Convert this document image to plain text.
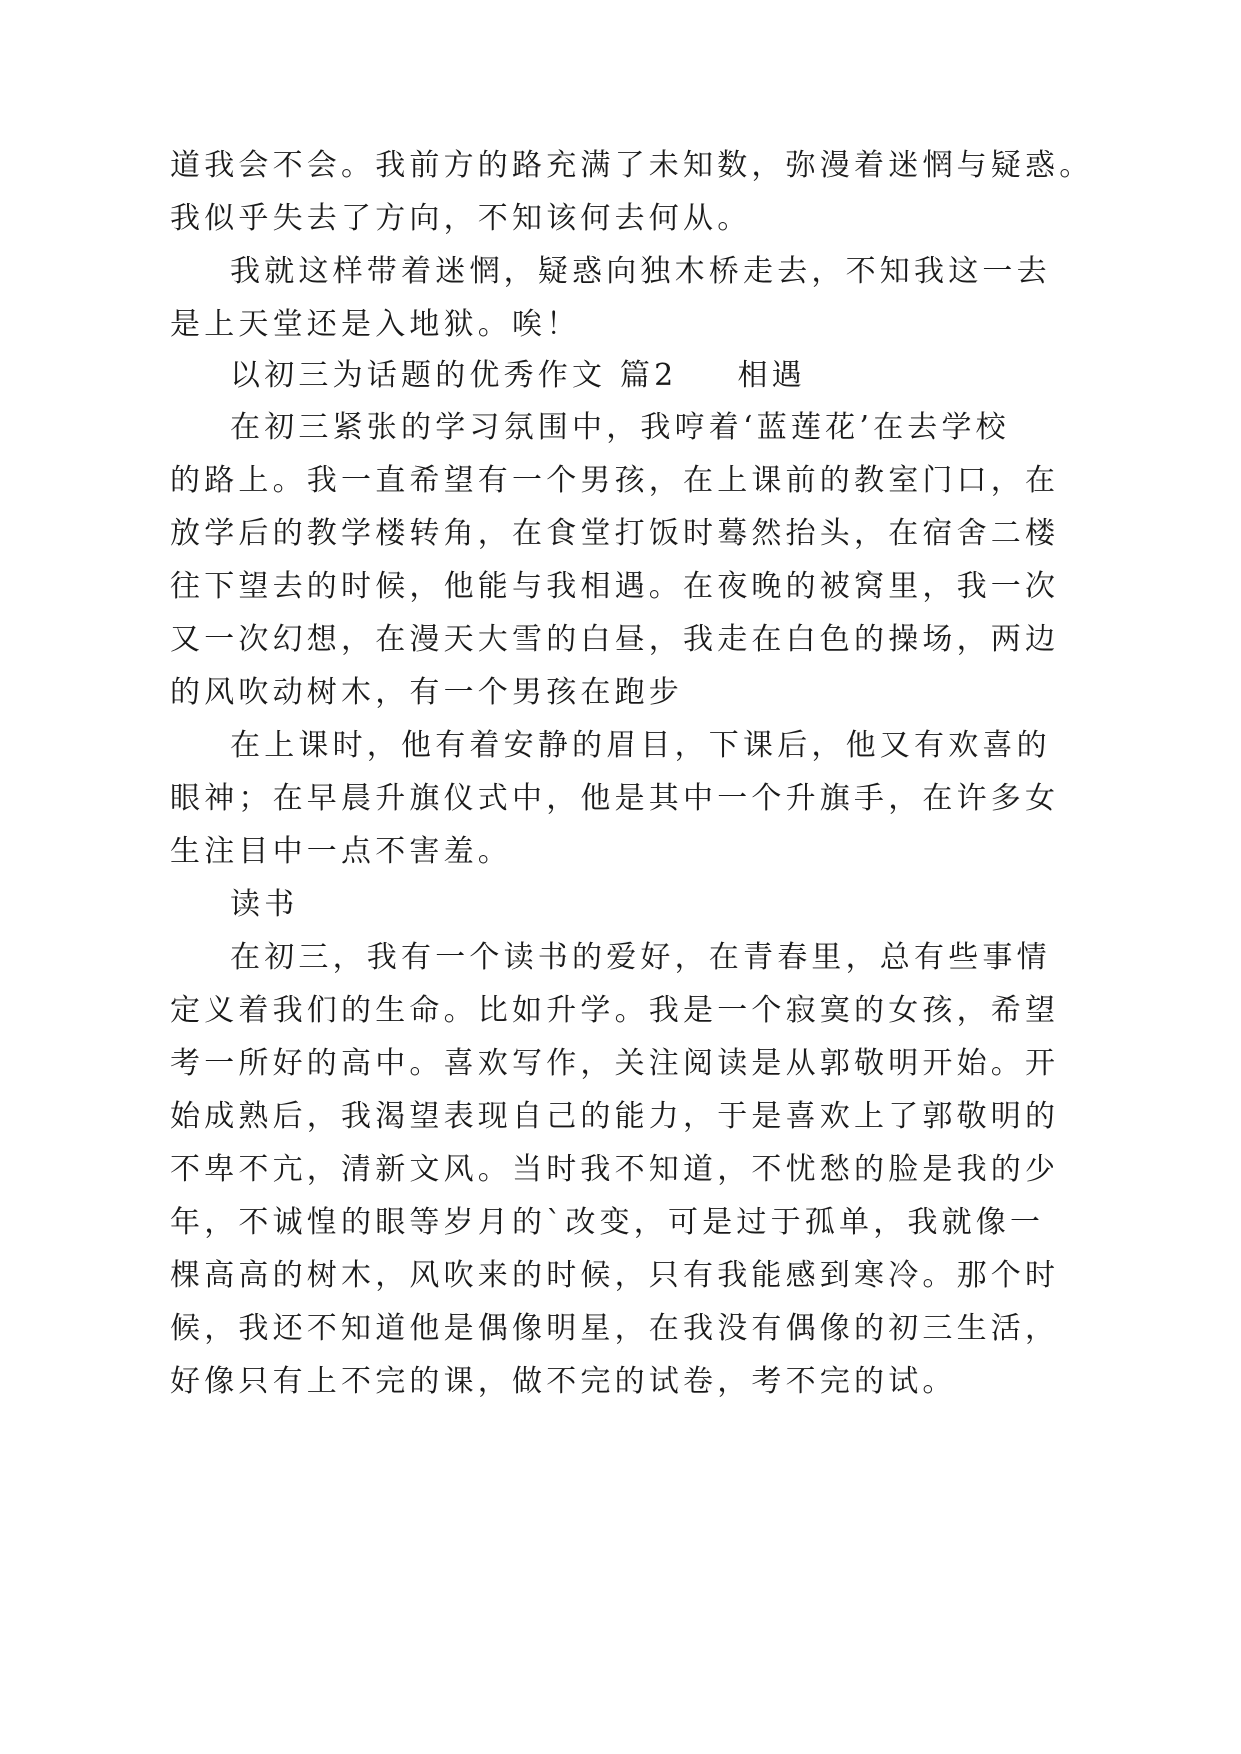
道我会不会。我前方的路充满了未知数，弥漫着迷惘与疑惑。
我似乎失去了方向，不知该何去何从。
我就这样带着迷惘，疑惑向独木桥走去，不知我这一去
是上天堂还是入地狱。唉！
以初三为话题的优秀作文 篇2 相遇
在初三紧张的学习氛围中，我哼着‘蓝莲花’在去学校
的路上。我一直希望有一个男孩，在上课前的教室门口，在
放学后的教学楼转角，在食堂打饭时蓦然抬头，在宿舍二楼
往下望去的时候，他能与我相遇。在夜晚的被窝里，我一次
又一次幻想，在漫天大雪的白昼，我走在白色的操场，两边
的风吹动树木，有一个男孩在跑步
在上课时，他有着安静的眉目，下课后，他又有欢喜的
眼神；在早晨升旗仪式中，他是其中一个升旗手，在许多女
生注目中一点不害羞。
读书
在初三，我有一个读书的爱好，在青春里，总有些事情
定义着我们的生命。比如升学。我是一个寂寞的女孩，希望
考一所好的高中。喜欢写作，关注阅读是从郭敬明开始。开
始成熟后，我渴望表现自己的能力，于是喜欢上了郭敬明的
不卑不亢，清新文风。当时我不知道，不忧愁的脸是我的少
年，不诚惶的眼等岁月的`改变，可是过于孤单，我就像一
棵高高的树木，风吹来的时候，只有我能感到寒冷。那个时
候，我还不知道他是偶像明星，在我没有偶像的初三生活，
好像只有上不完的课，做不完的试卷，考不完的试。
